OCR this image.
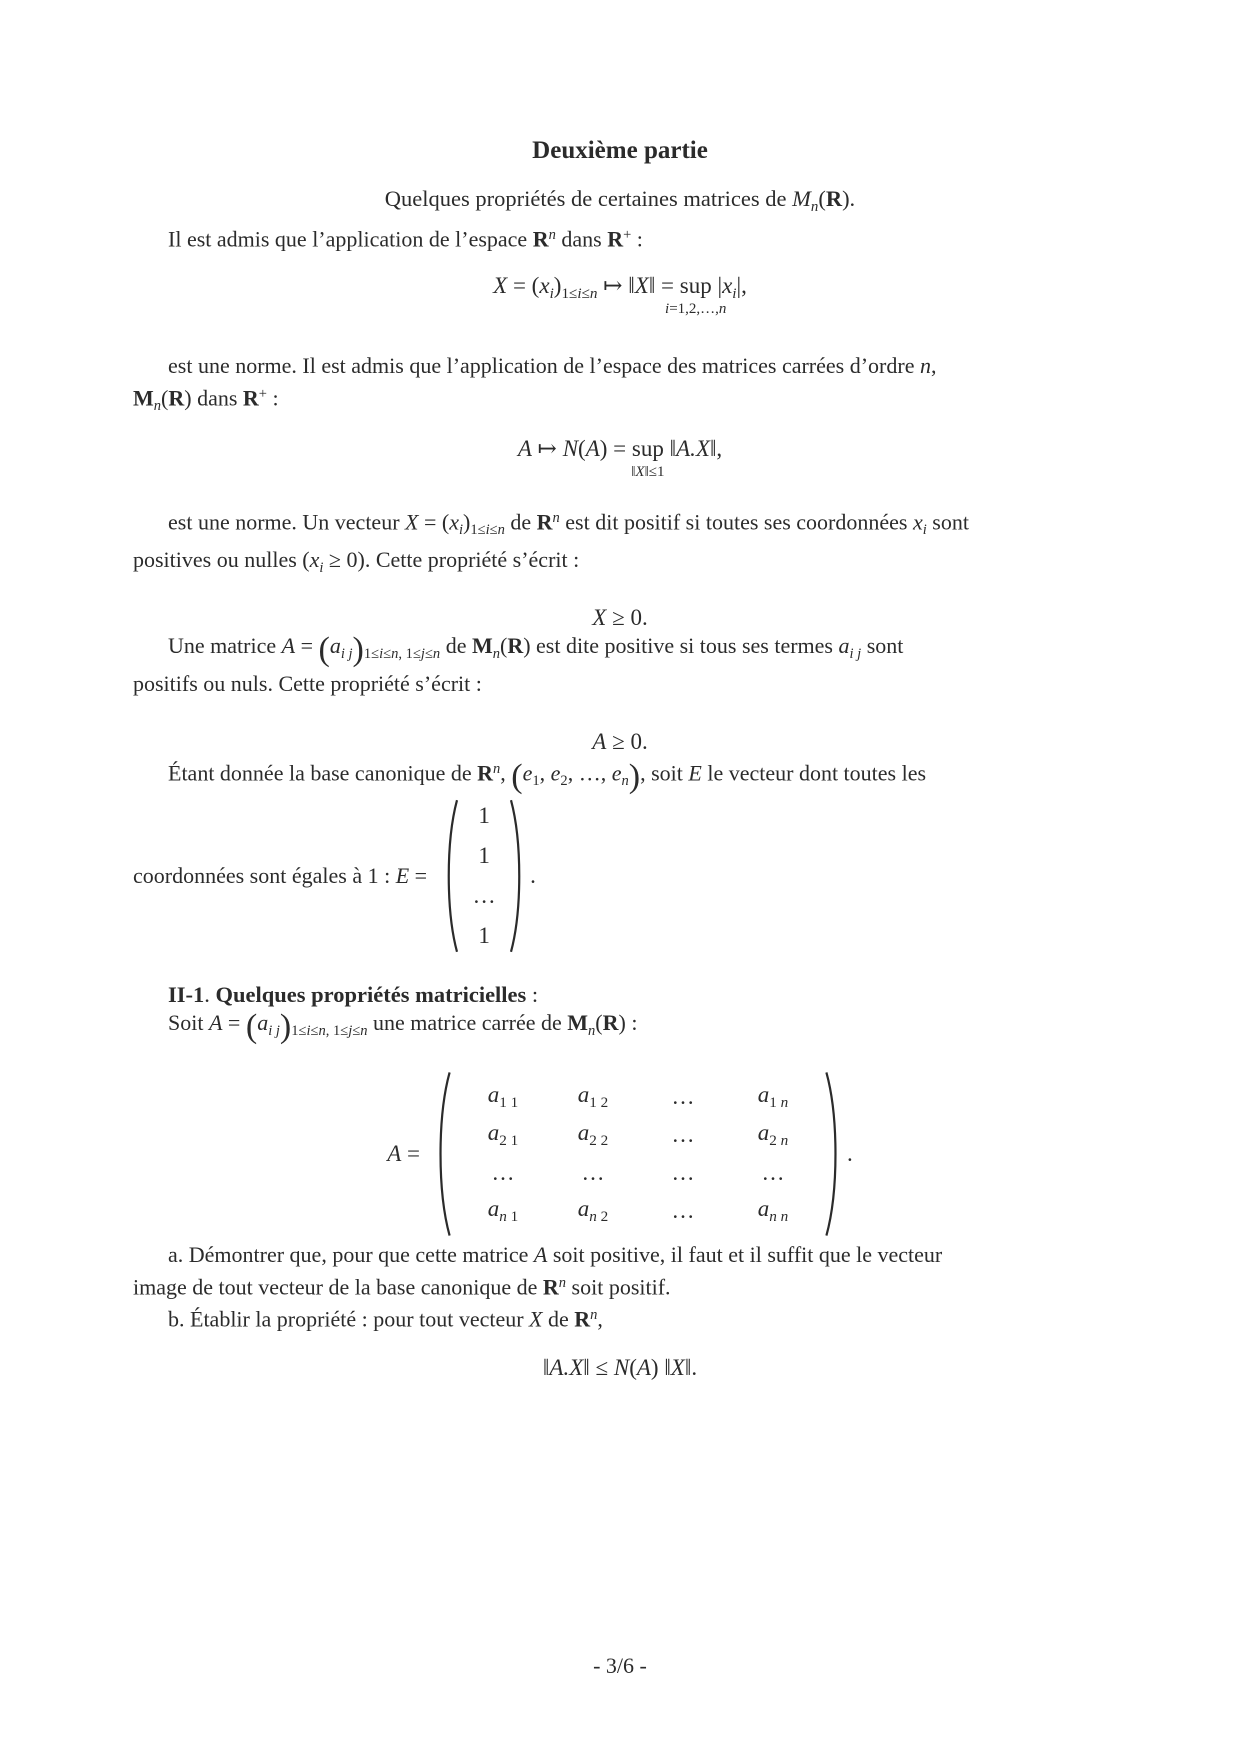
Deuxième partie
Quelques propriétés de certaines matrices de $M_n(R)$.

Il est admis que l’application de l’espace $R^n$ dans R+ :

$X = (x_i)_{1\le i\le n}$ ↦ ‖X‖ = sup
i=1,2,…,n
$|x_i|$,

est une norme. Il est admis que l’application de l’espace des matrices carrées d’ordre n,
$M_n(R)$ dans R+ :

A ↦ N(A) = sup
‖X‖≤1
‖A.X‖,

est une norme. Un vecteur $X = (x_i)_{1\le i\le n}$ de $R^n$ est dit positif si toutes ses coordonnées $x_i$ sont
positives ou nulles $(x_i \ge 0)$. Cette propriété s’écrit :

X ≥ 0.

Une matrice $A = (a_{i j})_{1\le i\le n, 1\le j\le n}$ de $M_n(R)$ est dite positive si tous ses termes $a_{i j}$ sont
positifs ou nuls. Cette propriété s’écrit :

A ≥ 0.

Étant donnée la base canonique de $R^n$, ($e_1$, $e_2$, …, $e_n$), soit E le vecteur dont toutes les

coordonnées sont égales à 1 : E =
1
1
…
1
.
II-1. Quelques propriétés matricielles :

Soit $A = (a_{i j})_{1\le i\le n, 1\le j\le n}$ une matrice carrée de $M_n(R)$ :

A =
$a_{1 1}$	$a_{1 2}$	…	$a_1$ $_n$
$a_{2 1}$	$a_{2 2}$	…	$a_2$ $_n$
…	…	…	…
$a_n$ $_1$	$a_n$ $_2$	…	$a_{n n}$
.

a. Démontrer que, pour que cette matrice A soit positive, il faut et il suffit que le vecteur
image de tout vecteur de la base canonique de $R^n$ soit positif.

b. Établir la propriété : pour tout vecteur X de $R^n$,

‖A.X‖ ≤ N(A) ‖X‖.
- 3/6 -
